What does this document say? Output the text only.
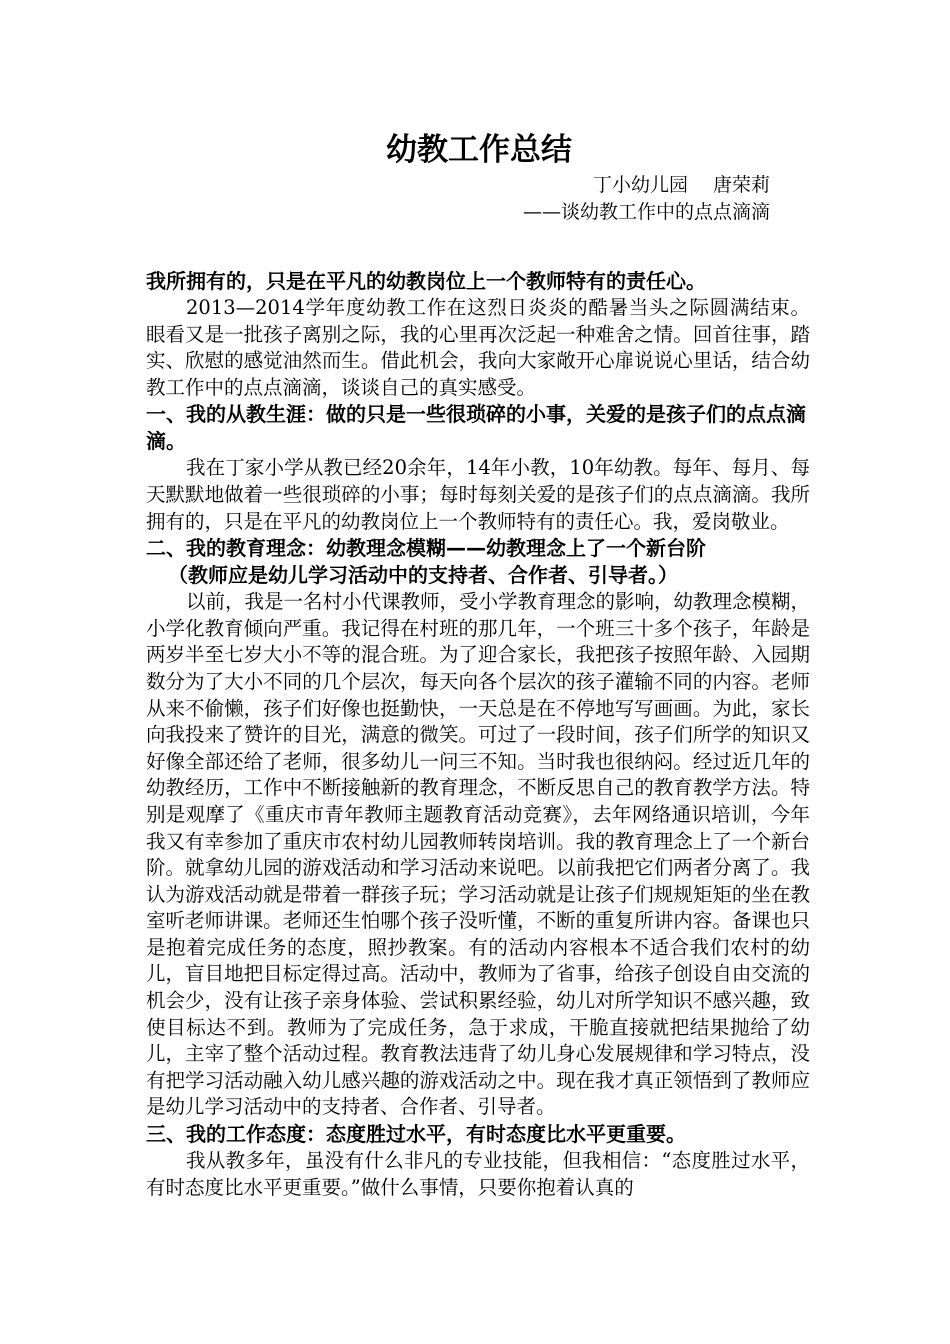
幼教工作总结
丁小幼儿园　 唐荣莉
——谈幼教工作中的点点滴滴

我所拥有的，只是在平凡的幼教岗位上一个教师特有的责任心。

2013—2014学年度幼教工作在这烈日炎炎的酷暑当头之际圆满结束。眼看又是一批孩子离别之际，我的心里再次泛起一种难舍之情。回首往事，踏实、欣慰的感觉油然而生。借此机会，我向大家敞开心扉说说心里话，结合幼教工作中的点点滴滴，谈谈自己的真实感受。

一、我的从教生涯：做的只是一些很琐碎的小事，关爱的是孩子们的点点滴滴。

我在丁家小学从教已经20余年，14年小教，10年幼教。每年、每月、每天默默地做着一些很琐碎的小事；每时每刻关爱的是孩子们的点点滴滴。我所拥有的，只是在平凡的幼教岗位上一个教师特有的责任心。我，爱岗敬业。

二、我的教育理念：幼教理念模糊——幼教理念上了一个新台阶

（教师应是幼儿学习活动中的支持者、合作者、引导者。）

以前，我是一名村小代课教师，受小学教育理念的影响，幼教理念模糊，小学化教育倾向严重。我记得在村班的那几年，一个班三十多个孩子，年龄是两岁半至七岁大小不等的混合班。为了迎合家长，我把孩子按照年龄、入园期数分为了大小不同的几个层次，每天向各个层次的孩子灌输不同的内容。老师从来不偷懒，孩子们好像也挺勤快，一天总是在不停地写写画画。为此，家长向我投来了赞许的目光，满意的微笑。可过了一段时间，孩子们所学的知识又好像全部还给了老师，很多幼儿一问三不知。当时我也很纳闷。经过近几年的幼教经历，工作中不断接触新的教育理念，不断反思自己的教育教学方法。特别是观摩了《重庆市青年教师主题教育活动竞赛》，去年网络通识培训，今年我又有幸参加了重庆市农村幼儿园教师转岗培训。我的教育理念上了一个新台阶。就拿幼儿园的游戏活动和学习活动来说吧。以前我把它们两者分离了。我认为游戏活动就是带着一群孩子玩；学习活动就是让孩子们规规矩矩的坐在教室听老师讲课。老师还生怕哪个孩子没听懂，不断的重复所讲内容。备课也只是抱着完成任务的态度，照抄教案。有的活动内容根本不适合我们农村的幼儿，盲目地把目标定得过高。活动中，教师为了省事，给孩子创设自由交流的机会少，没有让孩子亲身体验、尝试积累经验，幼儿对所学知识不感兴趣，致使目标达不到。教师为了完成任务，急于求成，干脆直接就把结果抛给了幼儿，主宰了整个活动过程。教育教法违背了幼儿身心发展规律和学习特点，没有把学习活动融入幼儿感兴趣的游戏活动之中。现在我才真正领悟到了教师应是幼儿学习活动中的支持者、合作者、引导者。

三、我的工作态度：态度胜过水平，有时态度比水平更重要。

我从教多年，虽没有什么非凡的专业技能，但我相信：“态度胜过水平，有时态度比水平更重要。”做什么事情，只要你抱着认真的
